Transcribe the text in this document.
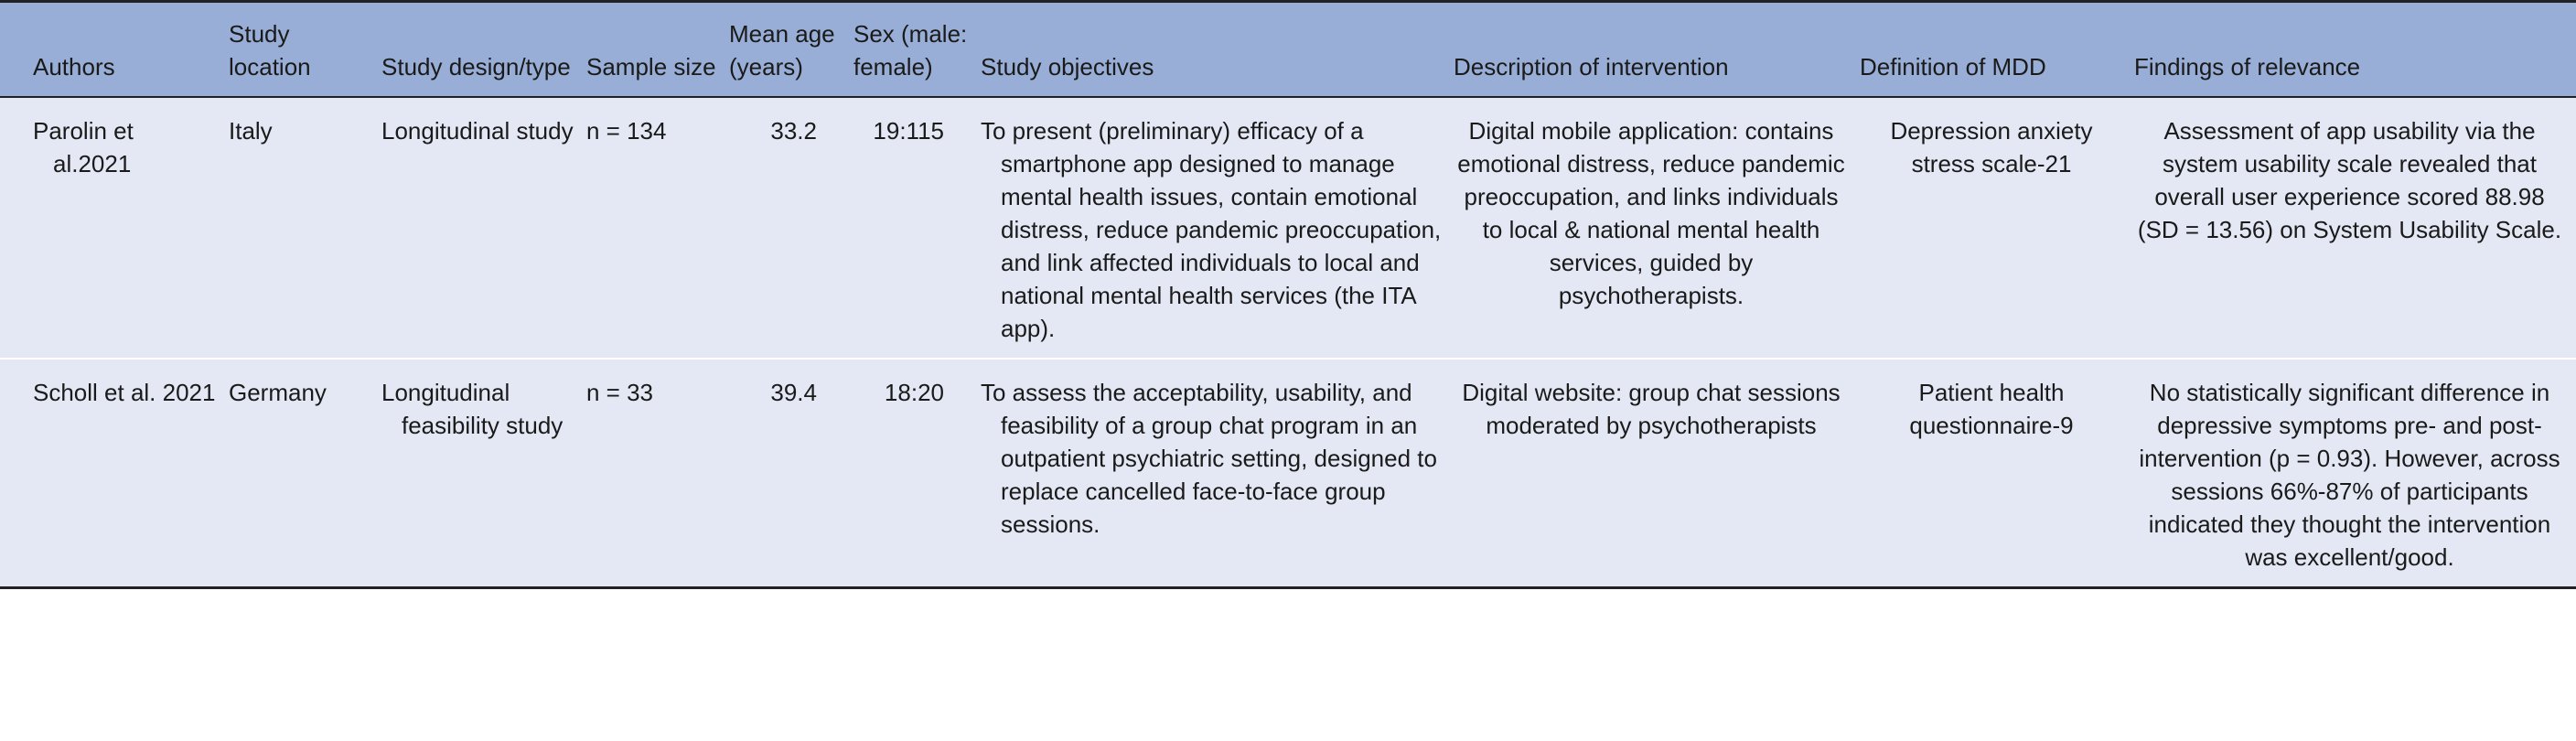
Authors	Study location	Study design/type	Sample size	Mean age (years)	Sex (male: female)	Study objectives	Description of intervention	Definition of MDD	Findings of relevance

Parolin et al.2021	Italy	Longitudinal study	n = 134	33.2	19:115	To present (preliminary) efficacy of a smartphone app designed to manage mental health issues, contain emotional distress, reduce pandemic preoccupation, and link affected individuals to local and national mental health services (the ITA app).	Digital mobile application: contains emotional distress, reduce pandemic preoccupation, and links individuals to local & national mental health services, guided by psychotherapists.	Depression anxiety stress scale-21	Assessment of app usability via the system usability scale revealed that overall user experience scored 88.98 (SD = 13.56) on System Usability Scale.

Scholl et al. 2021	Germany	Longitudinal feasibility study	n = 33	39.4	18:20	To assess the acceptability, usability, and feasibility of a group chat program in an outpatient psychiatric setting, designed to replace cancelled face-to-face group sessions.	Digital website: group chat sessions moderated by psychotherapists	Patient health questionnaire-9	No statistically significant difference in depressive symptoms pre- and post-intervention (p = 0.93). However, across sessions 66%-87% of participants indicated they thought the intervention was excellent/good.
